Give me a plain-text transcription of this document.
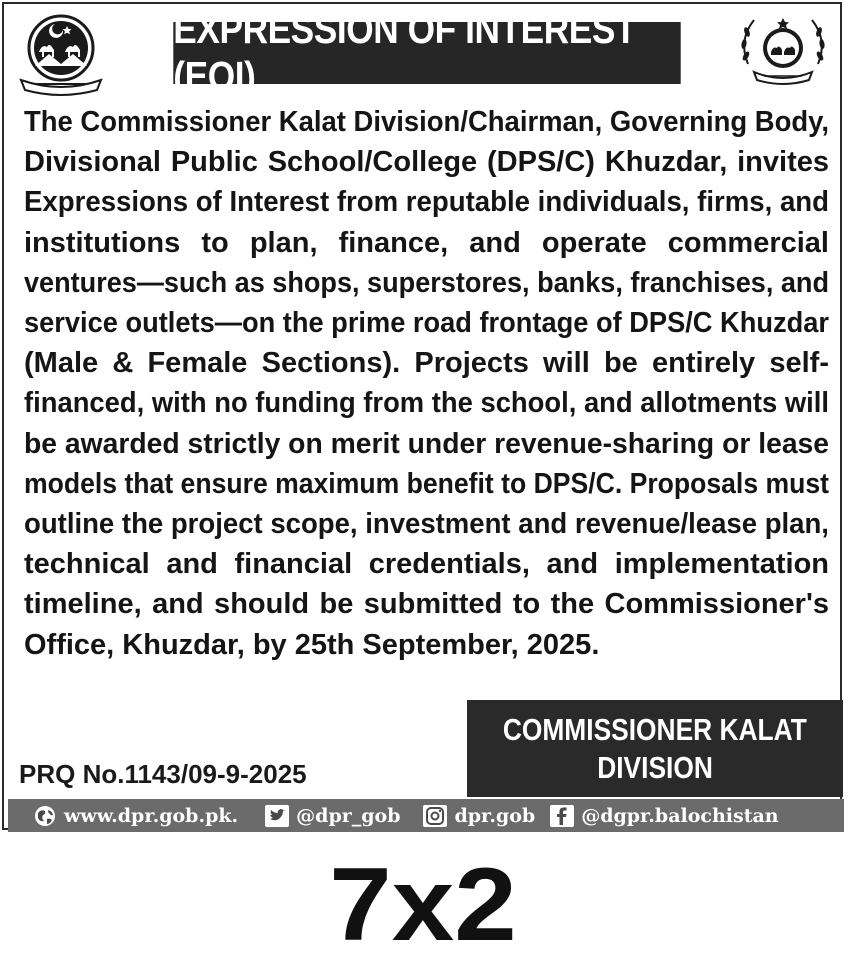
EXPRESSION OF INTEREST (EOI)

The Commissioner Kalat Division/Chairman, Governing Body,
Divisional Public School/College (DPS/C) Khuzdar, invites
Expressions of Interest from reputable individuals, firms, and
institutions to plan, finance, and operate commercial
ventures—such as shops, superstores, banks, franchises, and
service outlets—on the prime road frontage of DPS/C Khuzdar
(Male & Female Sections). Projects will be entirely self-
financed, with no funding from the school, and allotments will
be awarded strictly on merit under revenue-sharing or lease
models that ensure maximum benefit to DPS/C. Proposals must
outline the project scope, investment and revenue/lease plan,
technical and financial credentials, and implementation
timeline, and should be submitted to the Commissioner's
Office, Khuzdar, by 25th September, 2025.

COMMISSIONER KALAT
DIVISION
PRQ No.1143/09-9-2025
www.dpr.gob.pk.	@dpr_gob	dpr.gob @dgpr.balochistan
7x2
